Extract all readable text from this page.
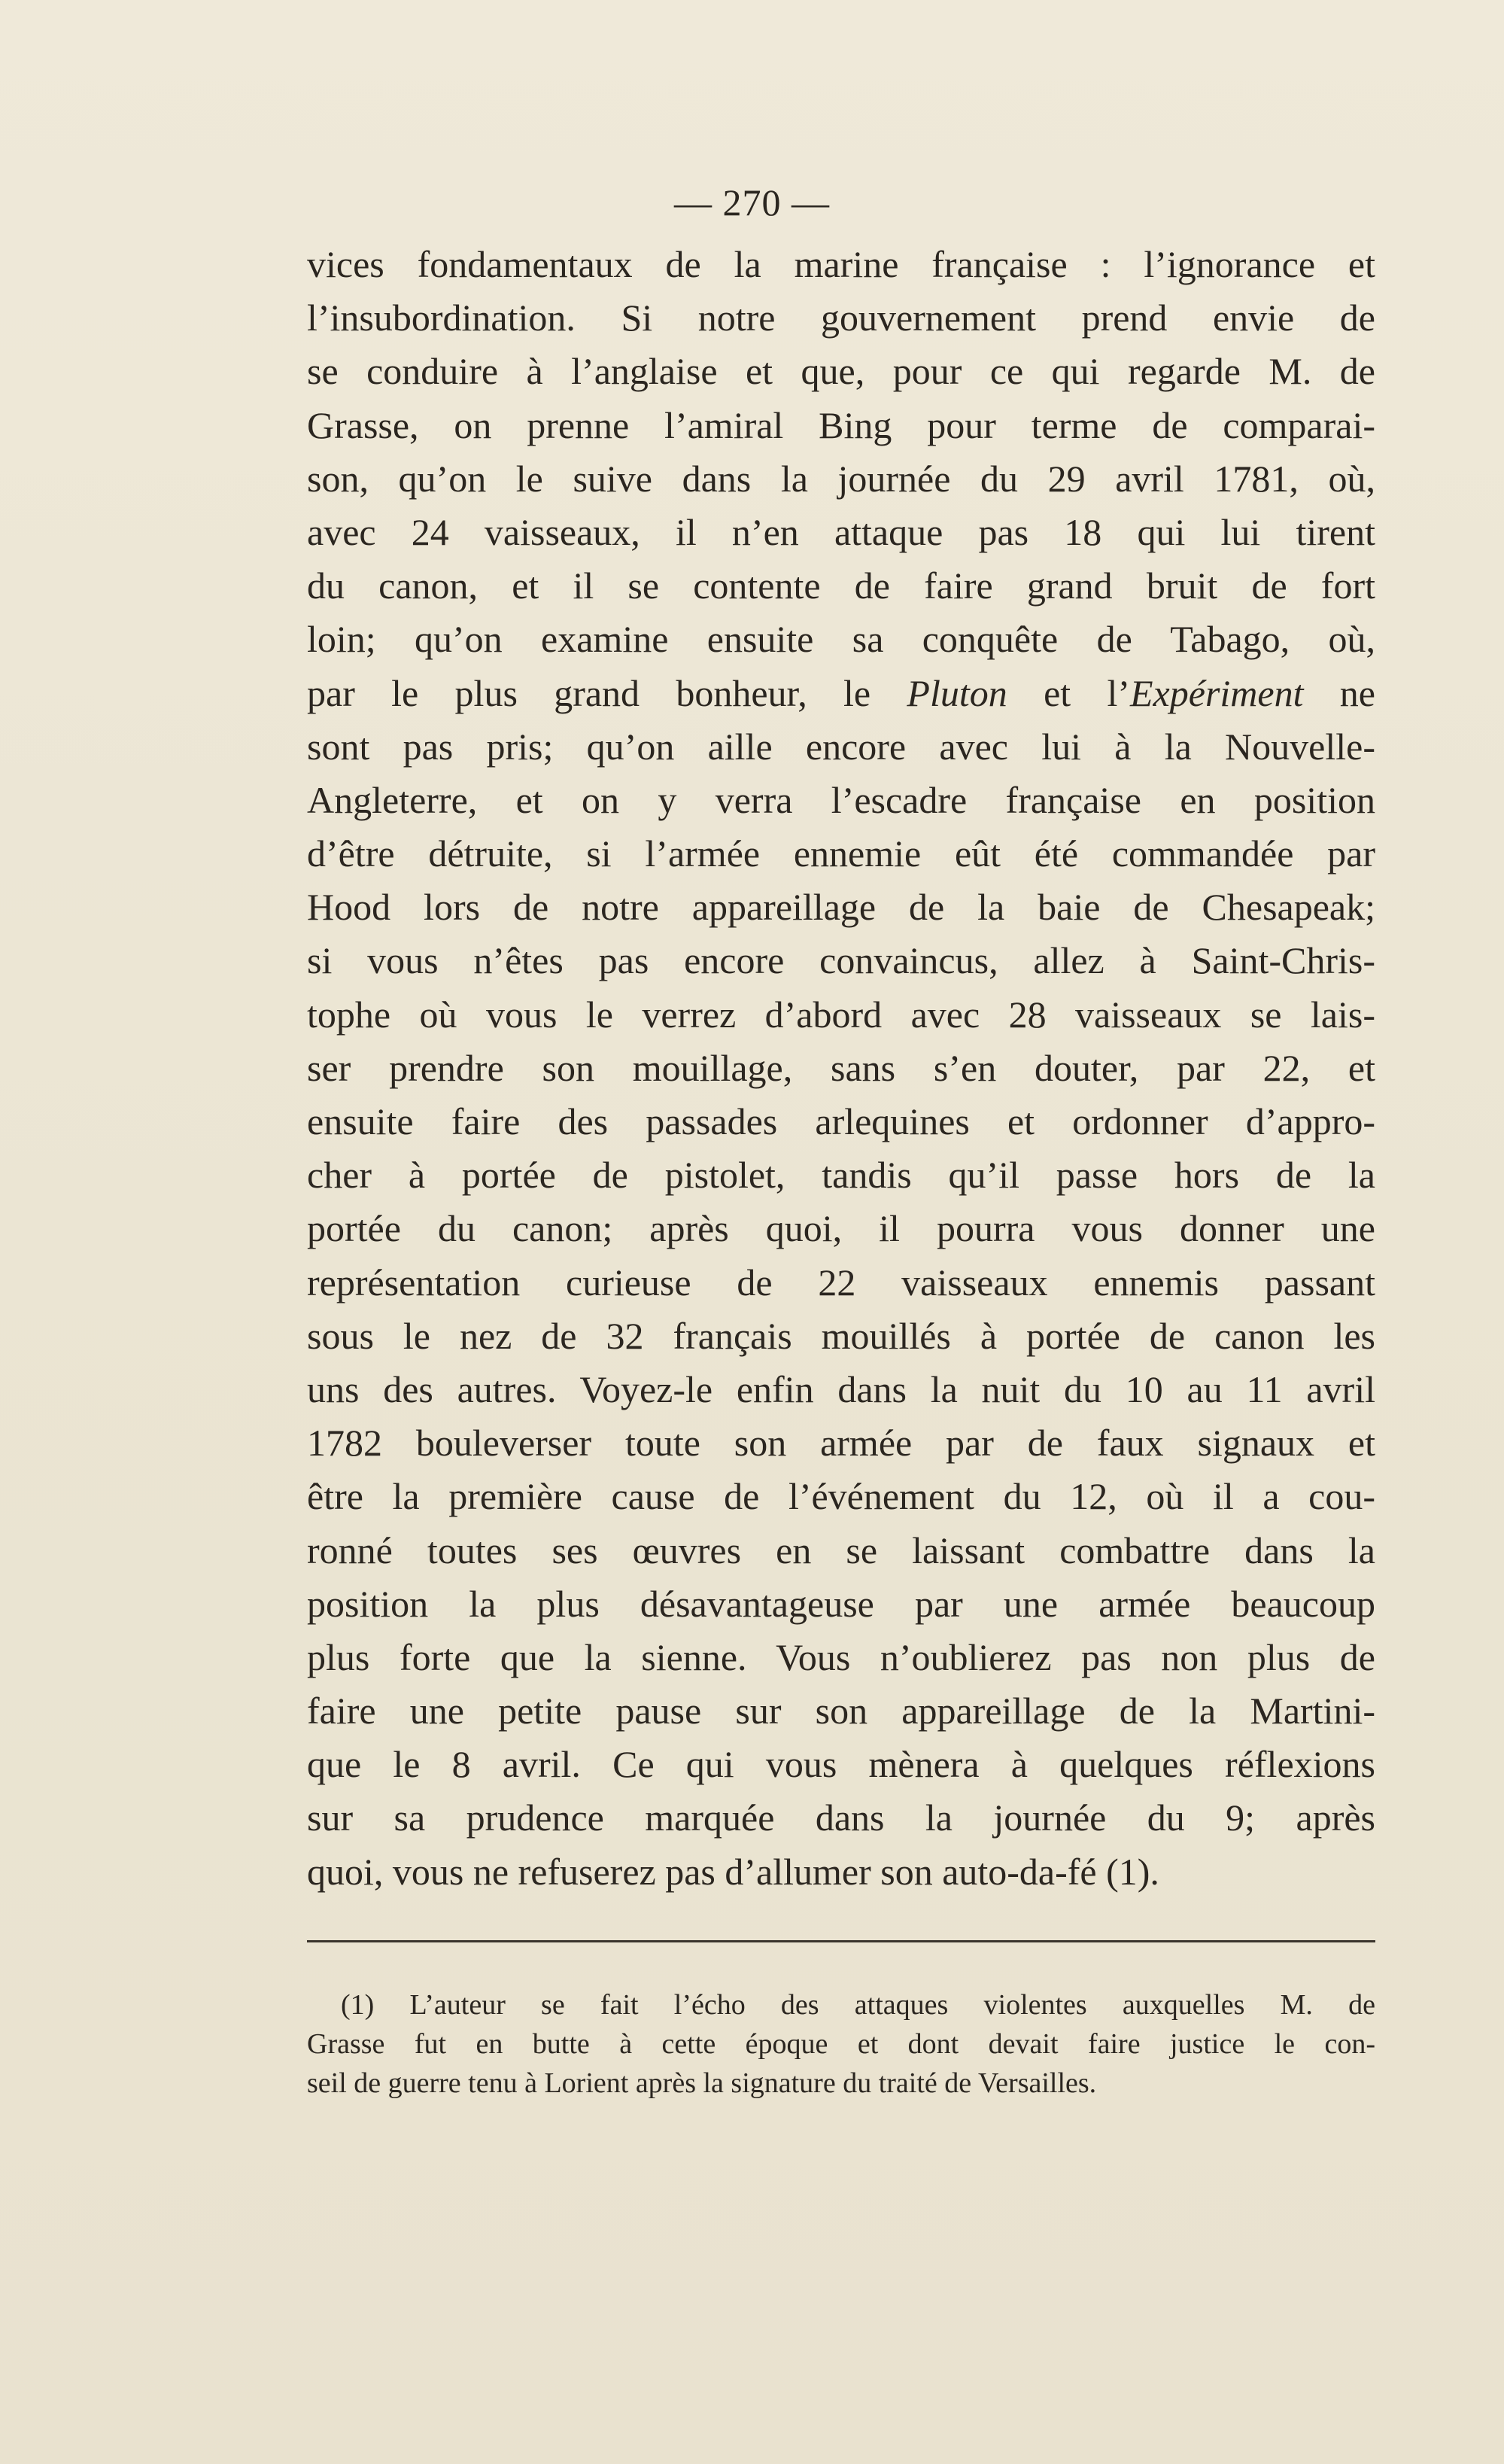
— 270 —
vices fondamentaux de la marine française : l’ignorance et
l’insubordination. Si notre gouvernement prend envie de
se conduire à l’anglaise et que, pour ce qui regarde M. de
Grasse, on prenne l’amiral Bing pour terme de comparai-
son, qu’on le suive dans la journée du 29 avril 1781, où,
avec 24 vaisseaux, il n’en attaque pas 18 qui lui tirent
du canon, et il se contente de faire grand bruit de fort
loin; qu’on examine ensuite sa conquête de Tabago, où,
par le plus grand bonheur, le Pluton et l’Expériment ne
sont pas pris; qu’on aille encore avec lui à la Nouvelle-
Angleterre, et on y verra l’escadre française en position
d’être détruite, si l’armée ennemie eût été commandée par
Hood lors de notre appareillage de la baie de Chesapeak;
si vous n’êtes pas encore convaincus, allez à Saint-Chris-
tophe où vous le verrez d’abord avec 28 vaisseaux se lais-
ser prendre son mouillage, sans s’en douter, par 22, et
ensuite faire des passades arlequines et ordonner d’appro-
cher à portée de pistolet, tandis qu’il passe hors de la
portée du canon; après quoi, il pourra vous donner une
représentation curieuse de 22 vaisseaux ennemis passant
sous le nez de 32 français mouillés à portée de canon les
uns des autres. Voyez-le enfin dans la nuit du 10 au 11 avril
1782 bouleverser toute son armée par de faux signaux et
être la première cause de l’événement du 12, où il a cou-
ronné toutes ses œuvres en se laissant combattre dans la
position la plus désavantageuse par une armée beaucoup
plus forte que la sienne. Vous n’oublierez pas non plus de
faire une petite pause sur son appareillage de la Martini-
que le 8 avril. Ce qui vous mènera à quelques réflexions
sur sa prudence marquée dans la journée du 9; après
quoi, vous ne refuserez pas d’allumer son auto-da-fé (1).
(1) L’auteur se fait l’écho des attaques violentes auxquelles M. de
Grasse fut en butte à cette époque et dont devait faire justice le con-
seil de guerre tenu à Lorient après la signature du traité de Versailles.
